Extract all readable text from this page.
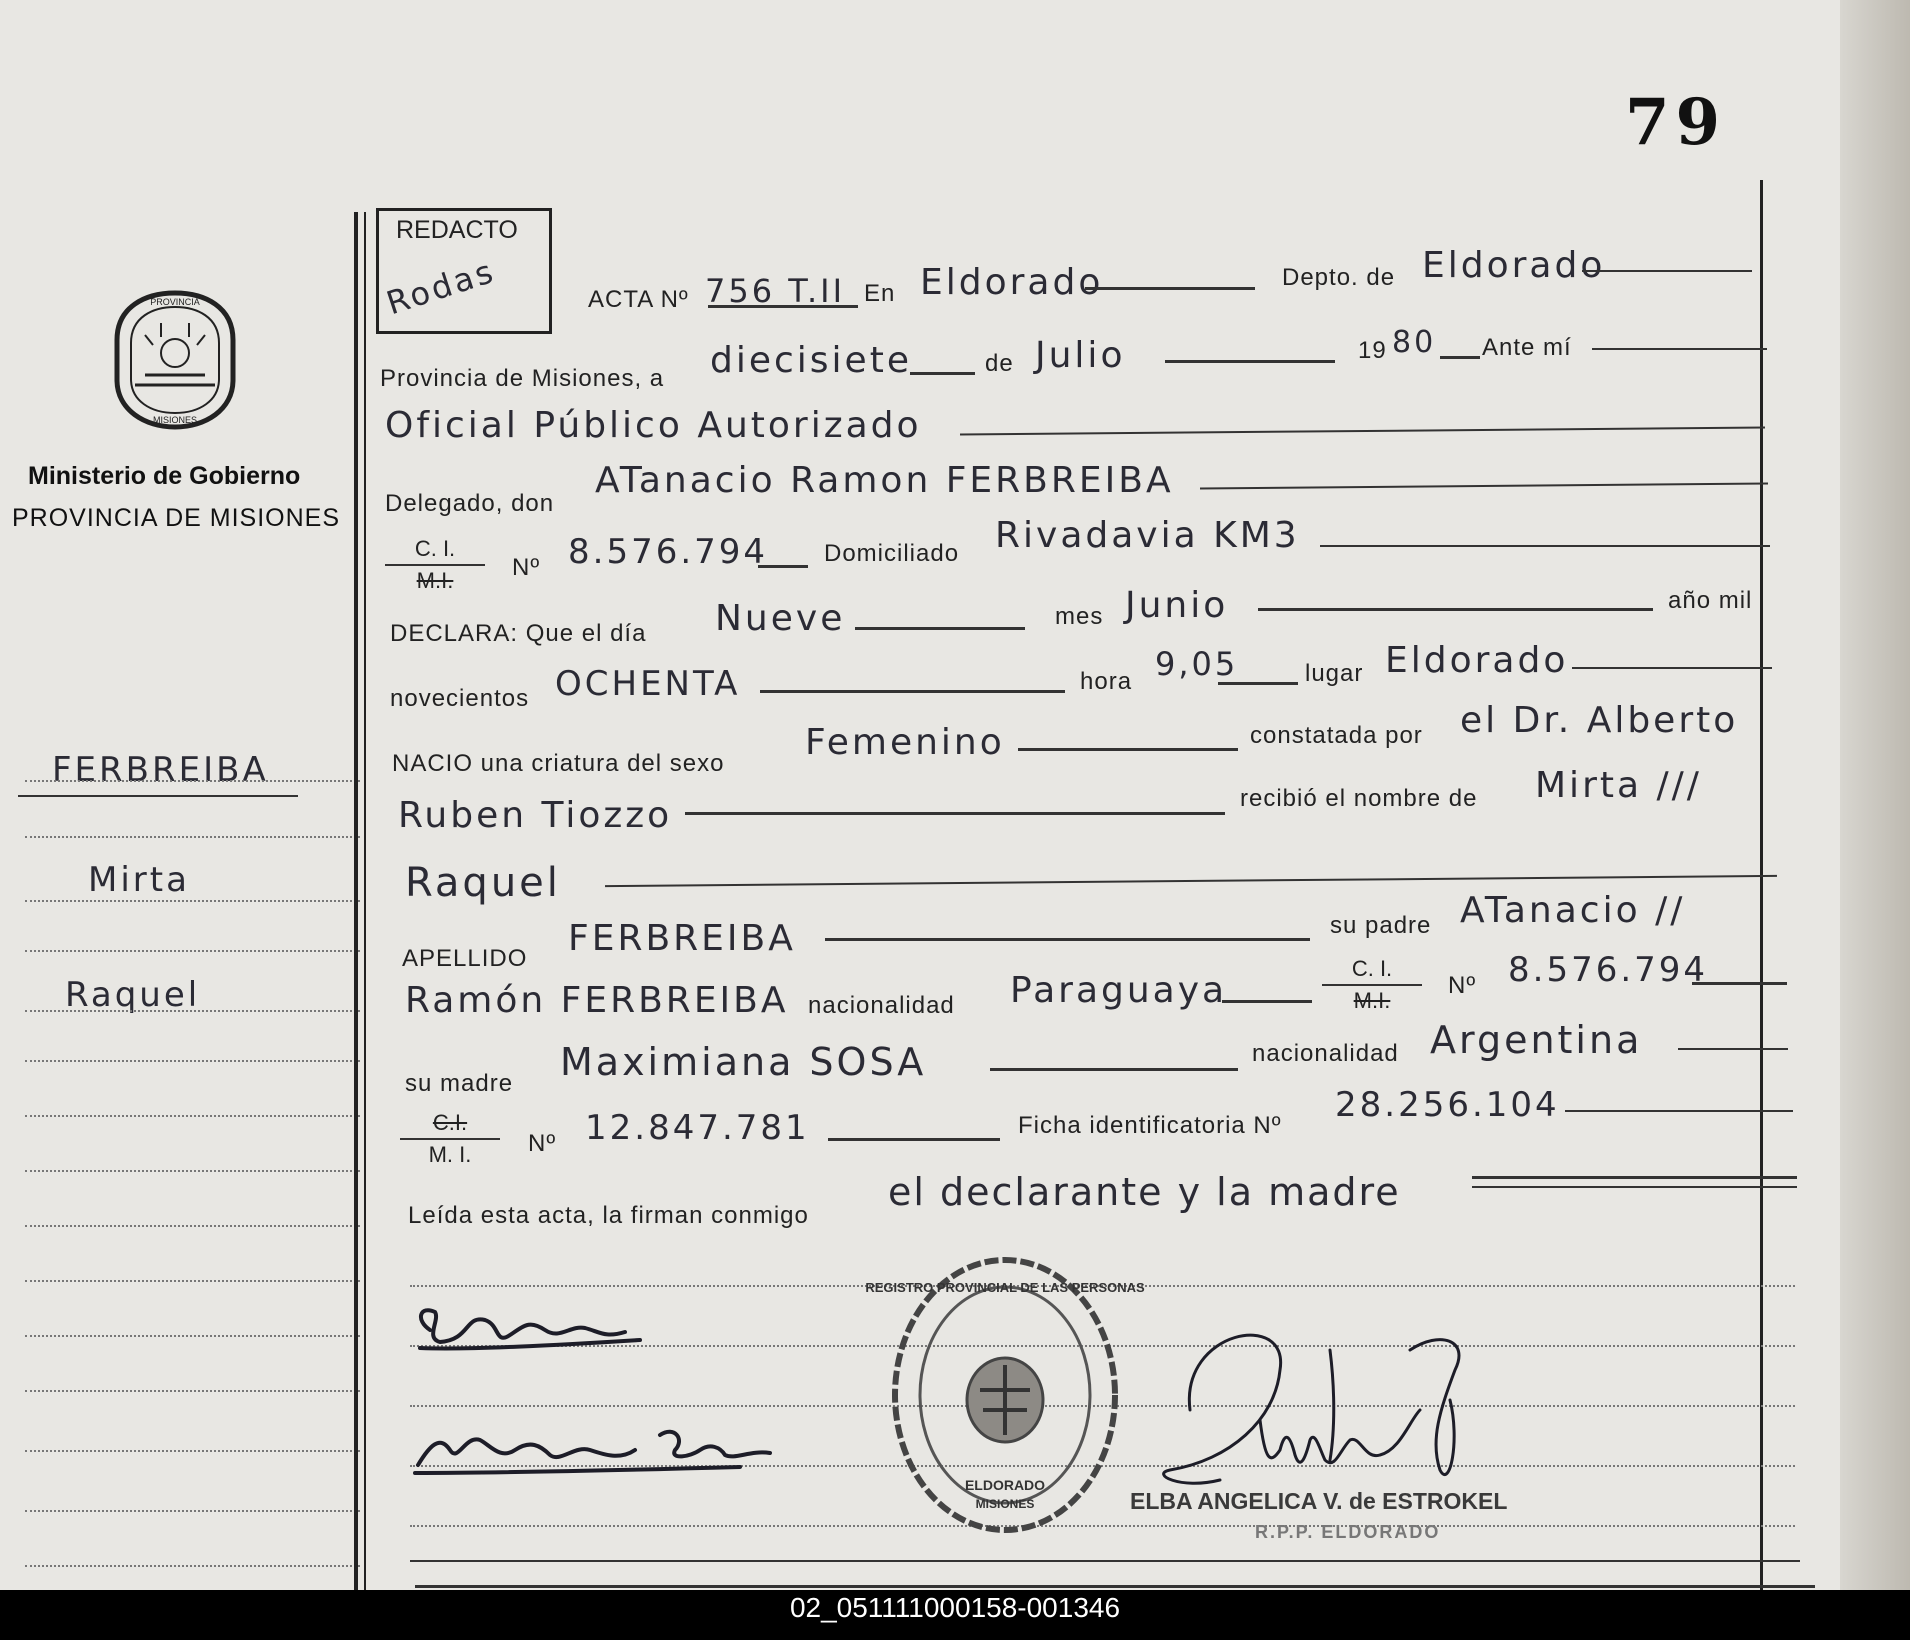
79
PROVINCIA
MISIONES
Ministerio de Gobierno
PROVINCIA DE MISIONES
FERBREIBA
Mirta
Raquel
REDACTO
Rodas	ACTA Nº 756 T.II En Eldorado	Depto. de Eldorado
Provincia de Misiones, a diecisiete	de Julio	19 80 Ante mí
Oficial Público Autorizado
Delegado, don
ATanacio Ramon FERBREIBA
C. I.
M.I.	Nº 8.576.794 Domiciliado Rivadavia KM3
DECLARA: Que el día Nueve	mes Junio	año mil
novecientos OCHENTA	hora 9,05	lugar Eldorado
NACIO una criatura del sexo
Femenino	constatada por el Dr. Alberto
Ruben Tiozzo	recibió el nombre de Mirta ///
Raquel
APELLIDO FERBREIBA	su padre ATanacio //
Ramón FERBREIBA nacionalidad Paraguaya
C. I.
M.I.
Nº 8.576.794
su madre Maximiana SOSA	nacionalidad Argentina
C.I.
M. I.	Nº 12.847.781	Ficha identificatoria Nº
28.256.104
Leída esta acta, la firman conmigo
el declarante y la madre
REGISTRO PROVINCIAL DE LAS PERSONAS
ELDORADO
MISIONES	ELBA ANGELICA V. de ESTROKEL
R.P.P. ELDORADO
02_051111000158-001346
